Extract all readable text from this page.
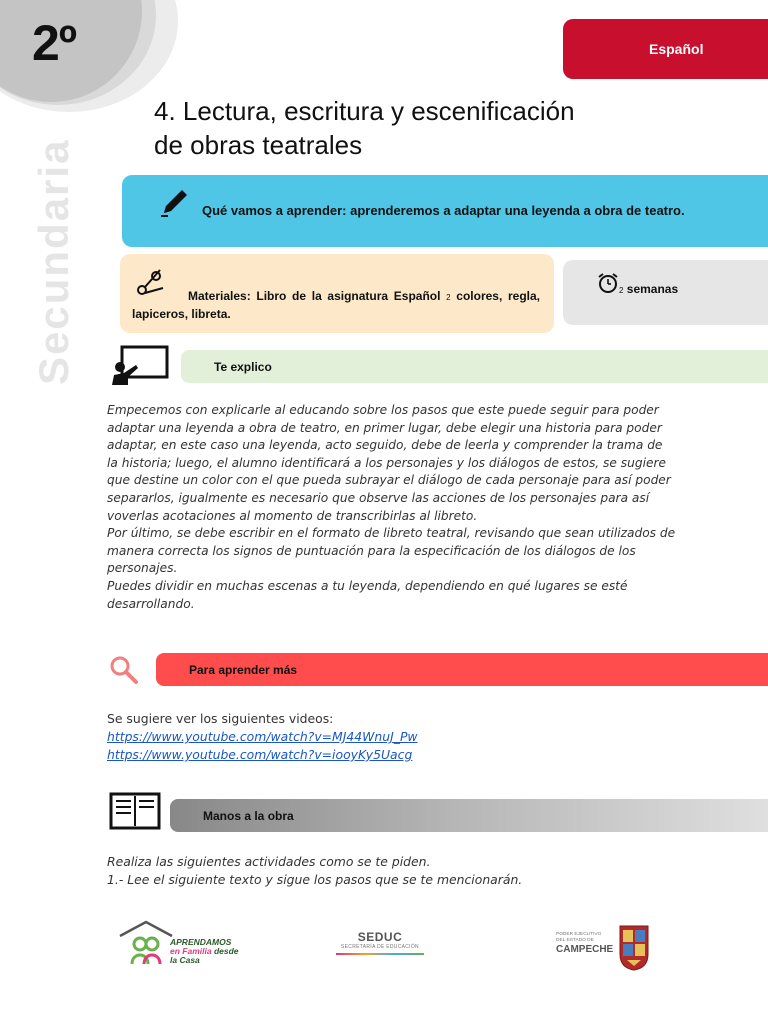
2º
Secundaria
Español
4. Lectura, escritura y escenificación
de obras teatrales
Qué vamos a aprender: aprenderemos a adaptar una leyenda a obra de teatro.
Materiales: Libro de la asignatura Español 2 colores, regla, lapiceros, libreta.
2 semanas
Te explico
Empecemos con explicarle al educando sobre los pasos que este puede seguir para poder adaptar una leyenda a obra de teatro, en primer lugar, debe elegir una historia para poder adaptar, en este caso una leyenda, acto seguido, debe de leerla y comprender la trama de la historia; luego, el alumno identificará a los personajes y los diálogos de estos, se sugiere que destine un color con el que pueda subrayar el diálogo de cada personaje para así poder separarlos, igualmente es necesario que observe las acciones de los personajes para así voverlas acotaciones al momento de transcribirlas al libreto.
Por último, se debe escribir en el formato de libreto teatral, revisando que sean utilizados de manera correcta los signos de puntuación para la especificación de los diálogos de los personajes.
Puedes dividir en muchas escenas a tu leyenda, dependiendo en qué lugares se esté desarrollando.
Para aprender más
Se sugiere ver los siguientes videos:
https://www.youtube.com/watch?v=MJ44WnuJ_Pw
https://www.youtube.com/watch?v=iooyKy5Uacg
Manos a la obra
Realiza las siguientes actividades como se te piden.
1.- Lee el siguiente texto y sigue los pasos que se te mencionarán.
APRENDAMOS
en Familia desde
la Casa
SEDUC
SECRETARÍA DE EDUCACIÓN
PODER EJECUTIVO
DEL ESTADO DE
CAMPECHE
